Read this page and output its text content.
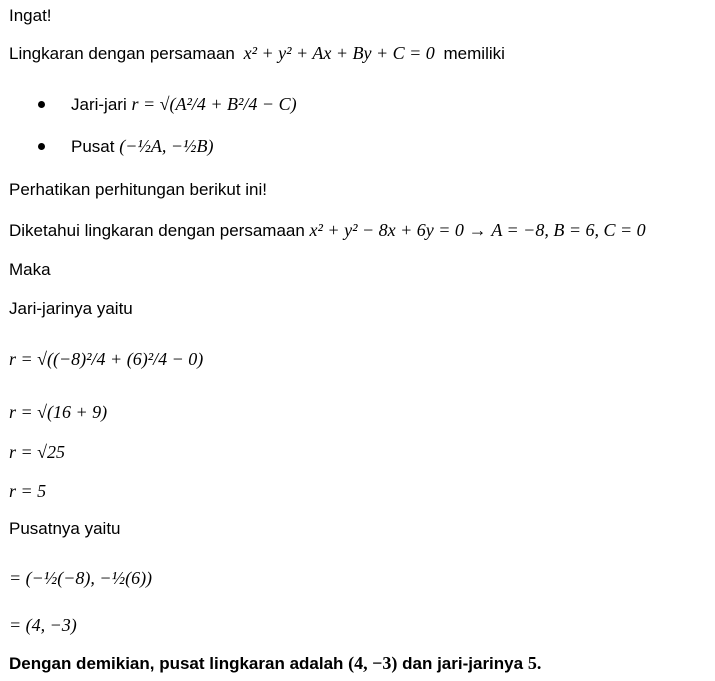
Ingat!
Lingkaran dengan persamaan x² + y² + Ax + By + C = 0 memiliki
Jari-jari r = √(A²/4 + B²/4 − C)
Pusat (−½A, −½B)
Perhatikan perhitungan berikut ini!
Diketahui lingkaran dengan persamaan x² + y² − 8x + 6y = 0 → A = −8, B = 6, C = 0
Maka
Jari-jarinya yaitu
r = √((−8)²/4 + (6)²/4 − 0)
r = √(16 + 9)
r = √25
r = 5
Pusatnya yaitu
= (−½(−8), −½(6))
= (4, −3)
Dengan demikian, pusat lingkaran adalah (4, −3) dan jari-jarinya 5.
